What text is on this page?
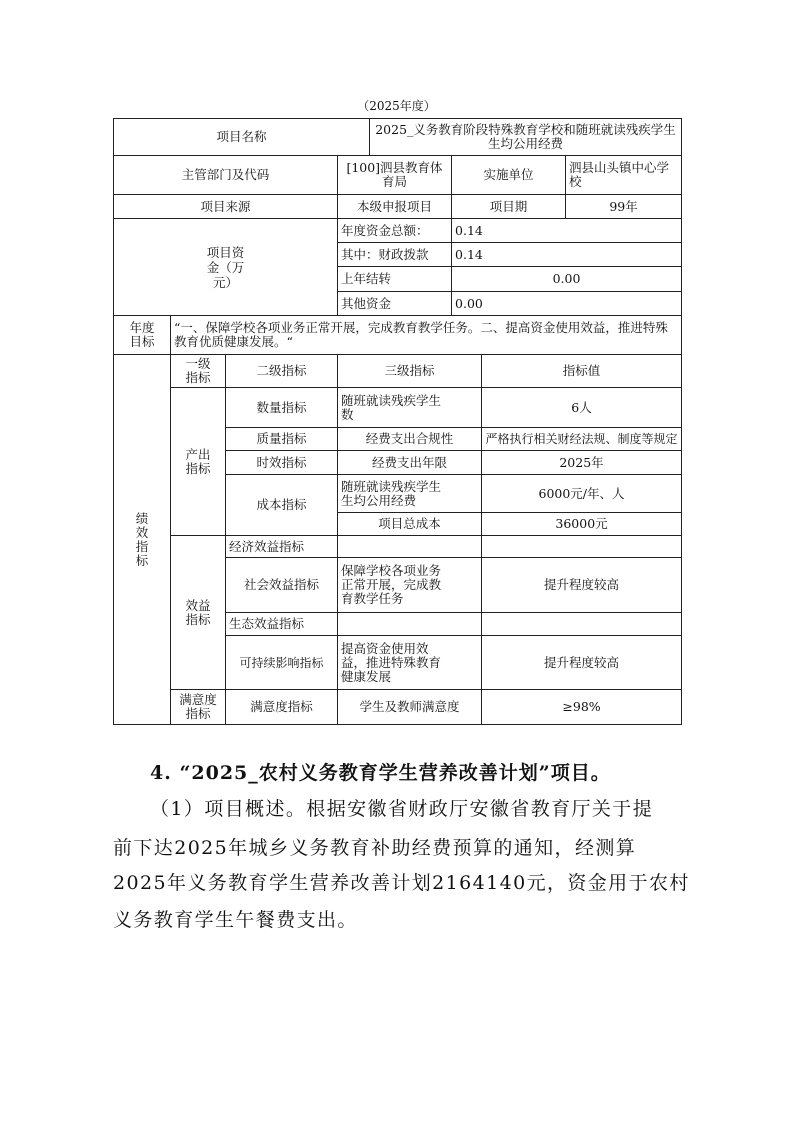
（2025年度）
项目名称				2025_义务教育阶段特殊教育学校和随班就读残疾学生生均公用经费			
主管部门及代码			[100]泗县教育体育局		实施单位		泗县山头镇中心学校
项目来源			本级申报项目		项目期		99年

项目资金（万元）			年度资金总额：		0.14		
			其中：财政拨款		0.14		
			上年结转		0.00		
			其他资金		0.00		

年度目标	“一、保障学校各项业务正常开展，完成教育教学任务。二、提高资金使用效益，推进特殊教育优质健康发展。“						

绩效指标	一级指标	二级指标	三级指标			指标值	

	产出指标	数量指标	随班就读残疾学生数			6人	
		质量指标	经费支出合规性			严格执行相关财经法规、制度等规定	
		时效指标	经费支出年限			2025年	
		成本指标	随班就读残疾学生生均公用经费			6000元/年、人	
			项目总成本			36000元	

	效益指标	经济效益指标					
		社会效益指标	保障学校各项业务正常开展，完成教育教学任务			提升程度较高	
		生态效益指标					
		可持续影响指标	提高资金使用效益，推进特殊教育健康发展			提升程度较高	

	满意度指标	满意度指标	学生及教师满意度			≥98%	
4. “2025_农村义务教育学生营养改善计划”项目。
（1）项目概述。根据安徽省财政厅安徽省教育厅关于提
前下达2025年城乡义务教育补助经费预算的通知，经测算
2025年义务教育学生营养改善计划2164140元，资金用于农村
义务教育学生午餐费支出。
